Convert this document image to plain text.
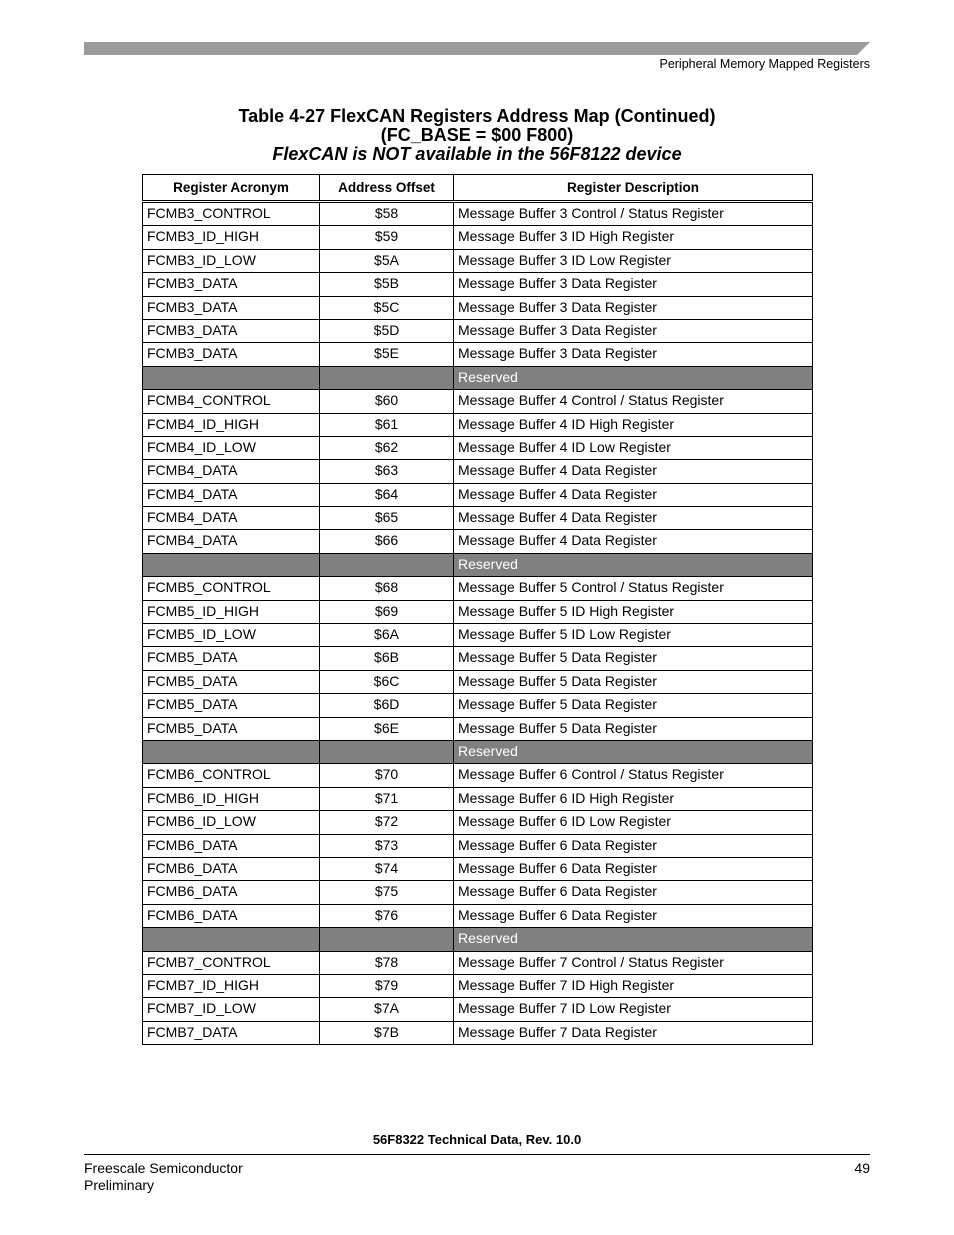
Peripheral Memory Mapped Registers
Table 4-27 FlexCAN Registers Address Map (Continued)
(FC_BASE = $00 F800)
FlexCAN is NOT available in the 56F8122 device
Register Acronym	Address Offset	Register Description
FCMB3_CONTROL	$58	Message Buffer 3 Control / Status Register
FCMB3_ID_HIGH	$59	Message Buffer 3 ID High Register
FCMB3_ID_LOW	$5A	Message Buffer 3 ID Low Register
FCMB3_DATA	$5B	Message Buffer 3 Data Register
FCMB3_DATA	$5C	Message Buffer 3 Data Register
FCMB3_DATA	$5D	Message Buffer 3 Data Register
FCMB3_DATA	$5E	Message Buffer 3 Data Register
		Reserved
FCMB4_CONTROL	$60	Message Buffer 4 Control / Status Register
FCMB4_ID_HIGH	$61	Message Buffer 4 ID High Register
FCMB4_ID_LOW	$62	Message Buffer 4 ID Low Register
FCMB4_DATA	$63	Message Buffer 4 Data Register
FCMB4_DATA	$64	Message Buffer 4 Data Register
FCMB4_DATA	$65	Message Buffer 4 Data Register
FCMB4_DATA	$66	Message Buffer 4 Data Register
		Reserved
FCMB5_CONTROL	$68	Message Buffer 5 Control / Status Register
FCMB5_ID_HIGH	$69	Message Buffer 5 ID High Register
FCMB5_ID_LOW	$6A	Message Buffer 5 ID Low Register
FCMB5_DATA	$6B	Message Buffer 5 Data Register
FCMB5_DATA	$6C	Message Buffer 5 Data Register
FCMB5_DATA	$6D	Message Buffer 5 Data Register
FCMB5_DATA	$6E	Message Buffer 5 Data Register
		Reserved
FCMB6_CONTROL	$70	Message Buffer 6 Control / Status Register
FCMB6_ID_HIGH	$71	Message Buffer 6 ID High Register
FCMB6_ID_LOW	$72	Message Buffer 6 ID Low Register
FCMB6_DATA	$73	Message Buffer 6 Data Register
FCMB6_DATA	$74	Message Buffer 6 Data Register
FCMB6_DATA	$75	Message Buffer 6 Data Register
FCMB6_DATA	$76	Message Buffer 6 Data Register
		Reserved
FCMB7_CONTROL	$78	Message Buffer 7 Control / Status Register
FCMB7_ID_HIGH	$79	Message Buffer 7 ID High Register
FCMB7_ID_LOW	$7A	Message Buffer 7 ID Low Register
FCMB7_DATA	$7B	Message Buffer 7 Data Register
56F8322 Technical Data, Rev. 10.0
Freescale Semiconductor
Preliminary
49
